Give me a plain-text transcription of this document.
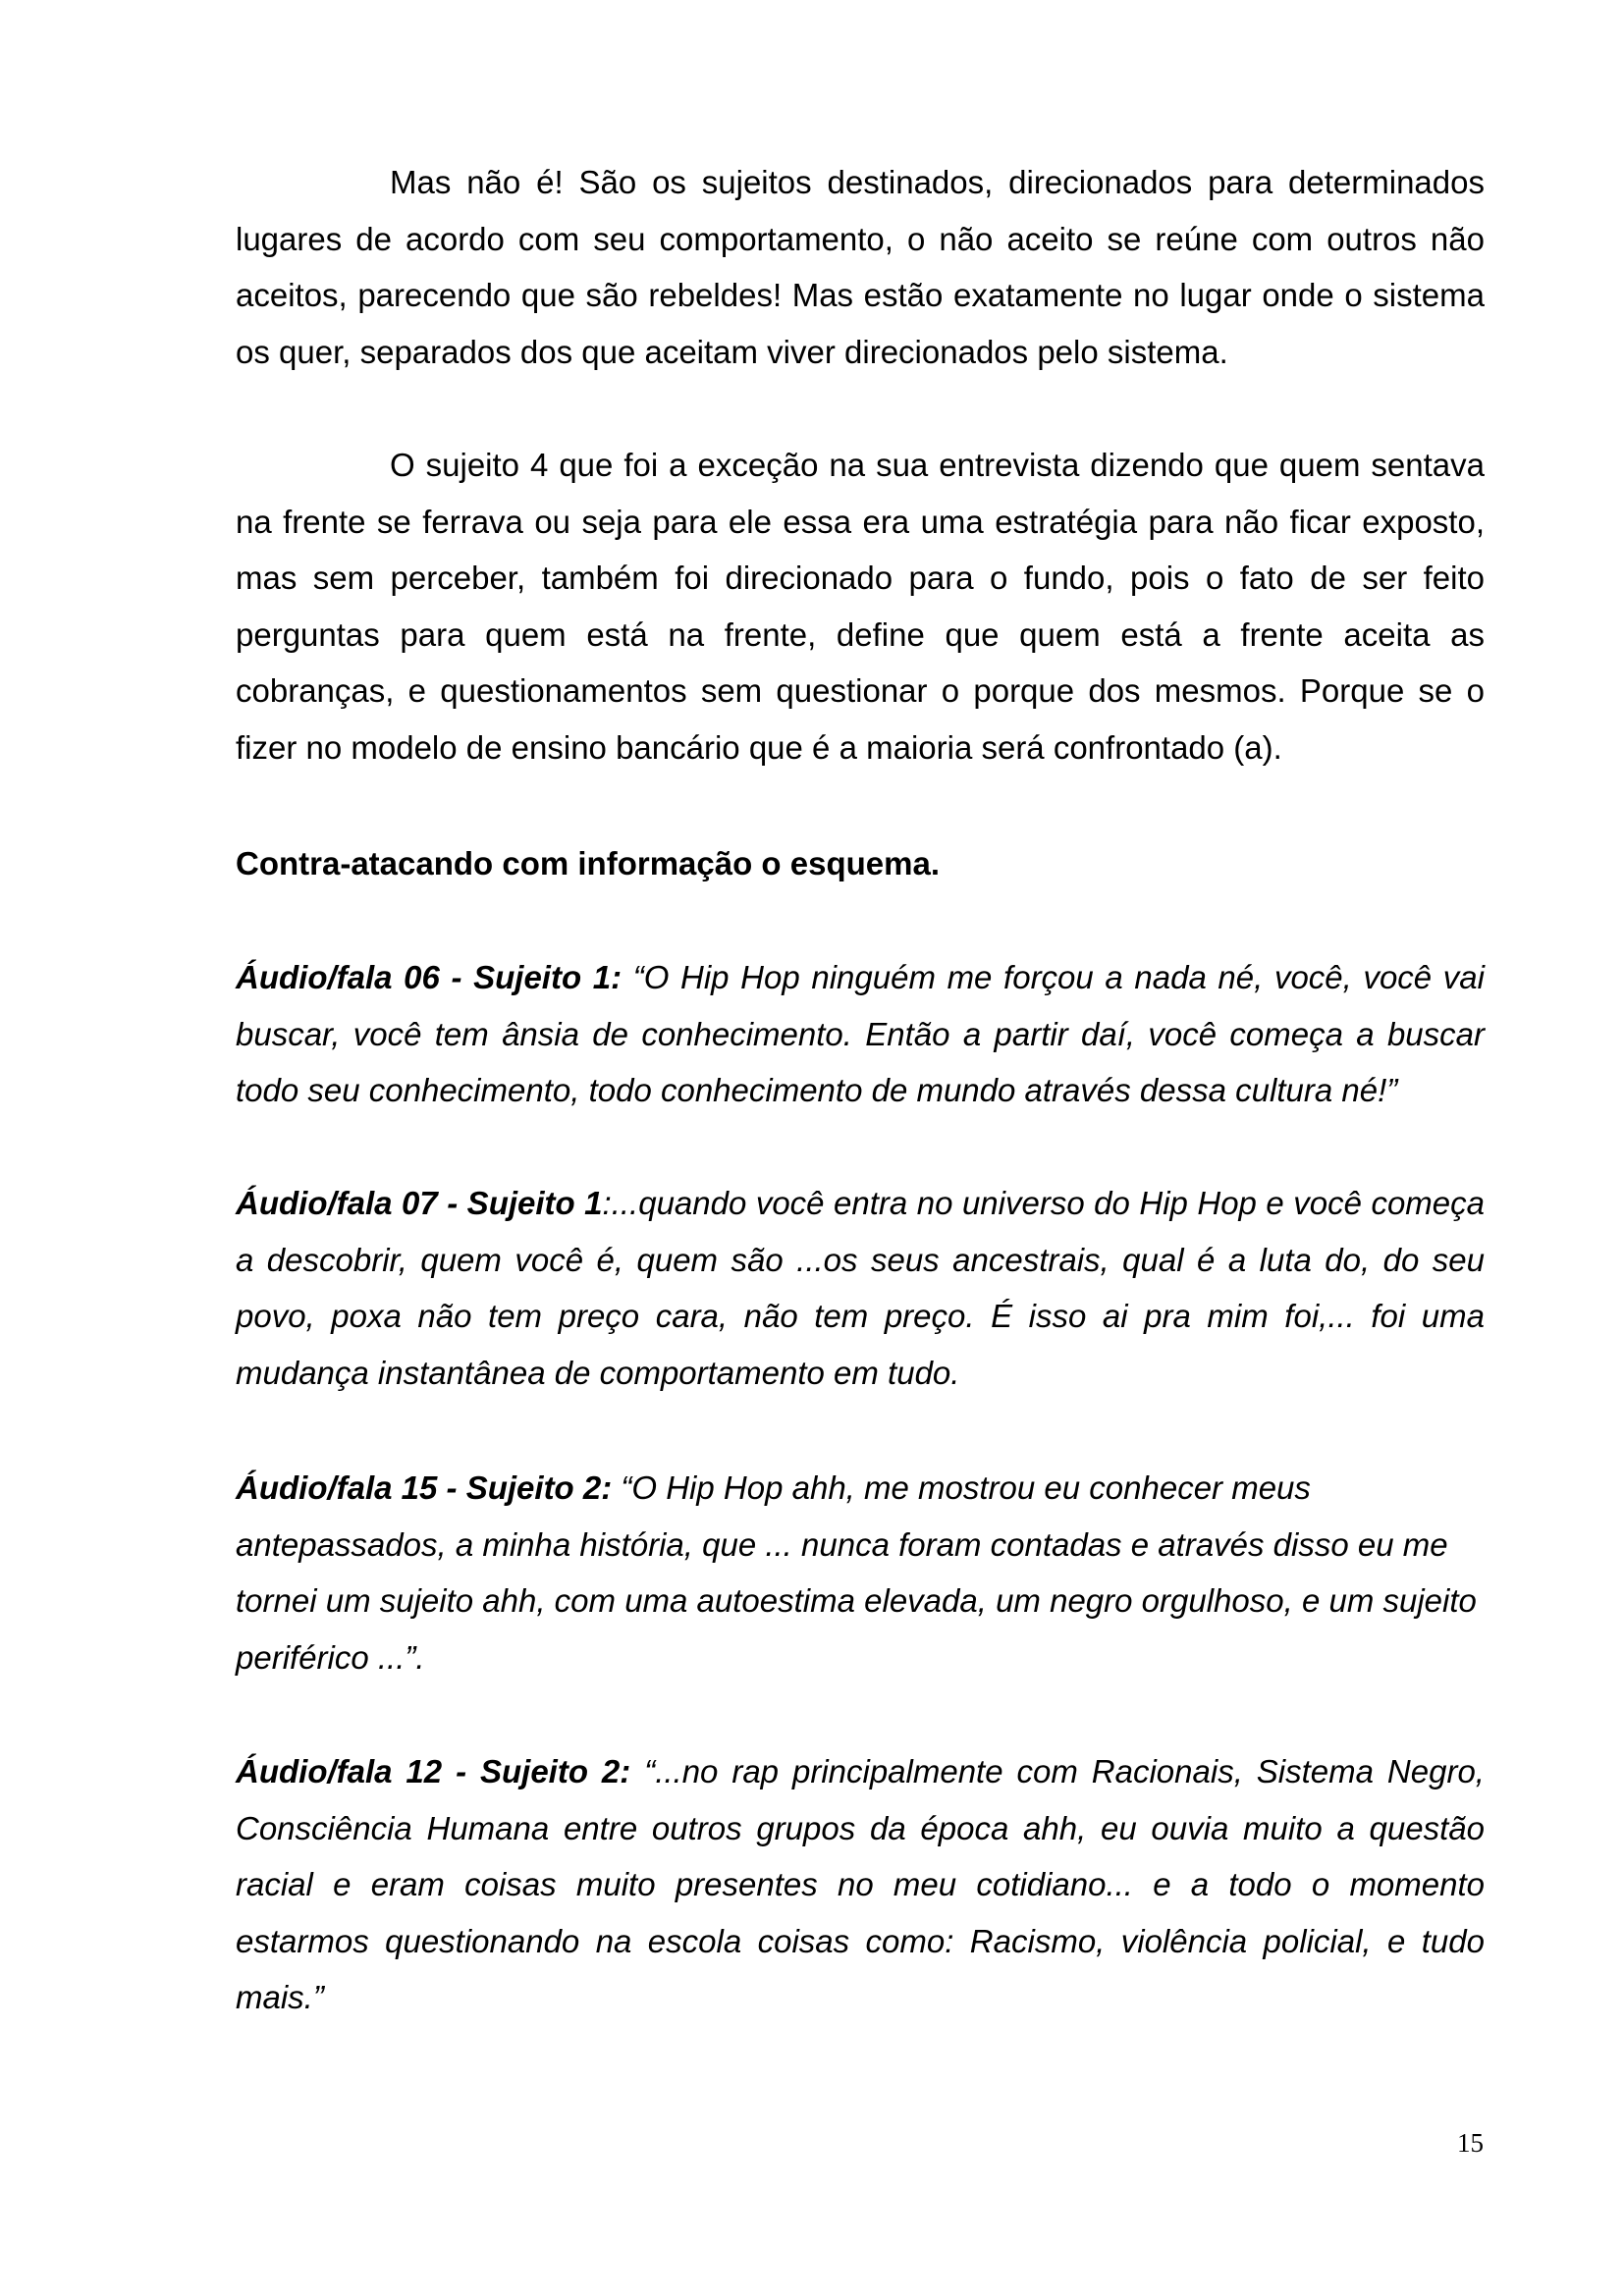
Mas não é! São os sujeitos destinados, direcionados para determinados lugares de acordo com seu comportamento, o não aceito se reúne com outros não aceitos, parecendo que são rebeldes! Mas estão exatamente no lugar onde o sistema os quer, separados dos que aceitam viver direcionados pelo sistema.

O sujeito 4 que foi a exceção na sua entrevista dizendo que quem sentava na frente se ferrava ou seja para ele essa era uma estratégia para não ficar exposto, mas sem perceber, também foi direcionado para o fundo, pois o fato de ser feito perguntas para quem está na frente, define que quem está a frente aceita as cobranças, e questionamentos sem questionar o porque dos mesmos. Porque se o fizer no modelo de ensino bancário que é a maioria será confrontado (a).

Contra-atacando com informação o esquema.

Áudio/fala 06 - Sujeito 1: “O Hip Hop ninguém me forçou a nada né, você, você vai buscar, você tem ânsia de conhecimento. Então a partir daí, você começa a buscar todo seu conhecimento, todo conhecimento de mundo através dessa cultura né!”

Áudio/fala 07 - Sujeito 1:...quando você entra no universo do Hip Hop e você começa a descobrir, quem você é, quem são ...os seus ancestrais, qual é a luta do, do seu povo, poxa não tem preço cara, não tem preço. É isso ai pra mim foi,... foi uma mudança instantânea de comportamento em tudo.

Áudio/fala 15 - Sujeito 2: “O Hip Hop ahh, me mostrou eu conhecer meus antepassados, a minha história, que ... nunca foram contadas e através disso eu me tornei um sujeito ahh, com uma autoestima elevada, um negro orgulhoso, e um sujeito periférico ...”.

Áudio/fala 12 - Sujeito 2: “...no rap principalmente com Racionais, Sistema Negro, Consciência Humana entre outros grupos da época ahh, eu ouvia muito a questão racial e eram coisas muito presentes no meu cotidiano... e a todo o momento estarmos questionando na escola coisas como: Racismo, violência policial, e tudo mais.”

15
